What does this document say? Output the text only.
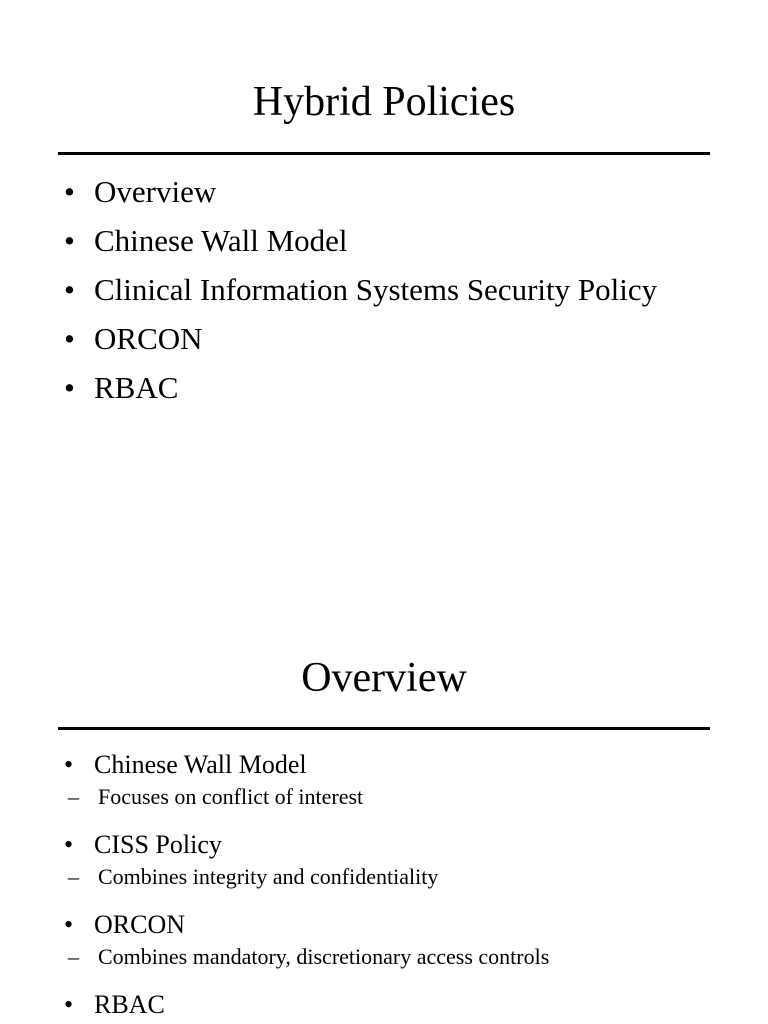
Hybrid Policies
• Overview
• Chinese Wall Model
• Clinical Information Systems Security Policy
• ORCON
• RBAC
Overview
• Chinese Wall Model
– Focuses on conflict of interest
• CISS Policy
– Combines integrity and confidentiality
• ORCON
– Combines mandatory, discretionary access controls
• RBAC
